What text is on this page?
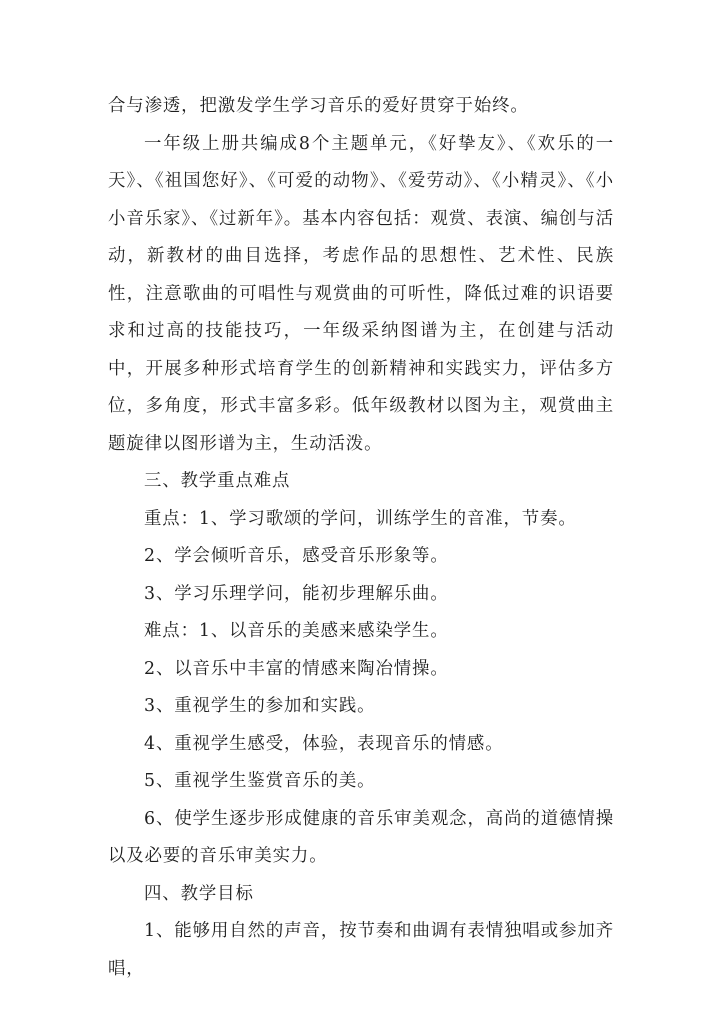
合与渗透，把激发学生学习音乐的爱好贯穿于始终。

一年级上册共编成8个主题单元，《好挚友》、《欢乐的一天》、《祖国您好》、《可爱的动物》、《爱劳动》、《小精灵》、《小小音乐家》、《过新年》。基本内容包括：观赏、表演、编创与活动，新教材的曲目选择，考虑作品的思想性、艺术性、民族性，注意歌曲的可唱性与观赏曲的可听性，降低过难的识语要求和过高的技能技巧，一年级采纳图谱为主，在创建与活动中，开展多种形式培育学生的创新精神和实践实力，评估多方位，多角度，形式丰富多彩。低年级教材以图为主，观赏曲主题旋律以图形谱为主，生动活泼。

三、教学重点难点

重点：1、学习歌颂的学问，训练学生的音准，节奏。

2、学会倾听音乐，感受音乐形象等。

3、学习乐理学问，能初步理解乐曲。

难点：1、以音乐的美感来感染学生。

2、以音乐中丰富的情感来陶冶情操。

3、重视学生的参加和实践。

4、重视学生感受，体验，表现音乐的情感。

5、重视学生鉴赏音乐的美。

6、使学生逐步形成健康的音乐审美观念，高尚的道德情操以及必要的音乐审美实力。

四、教学目标

1、能够用自然的声音，按节奏和曲调有表情独唱或参加齐唱，
